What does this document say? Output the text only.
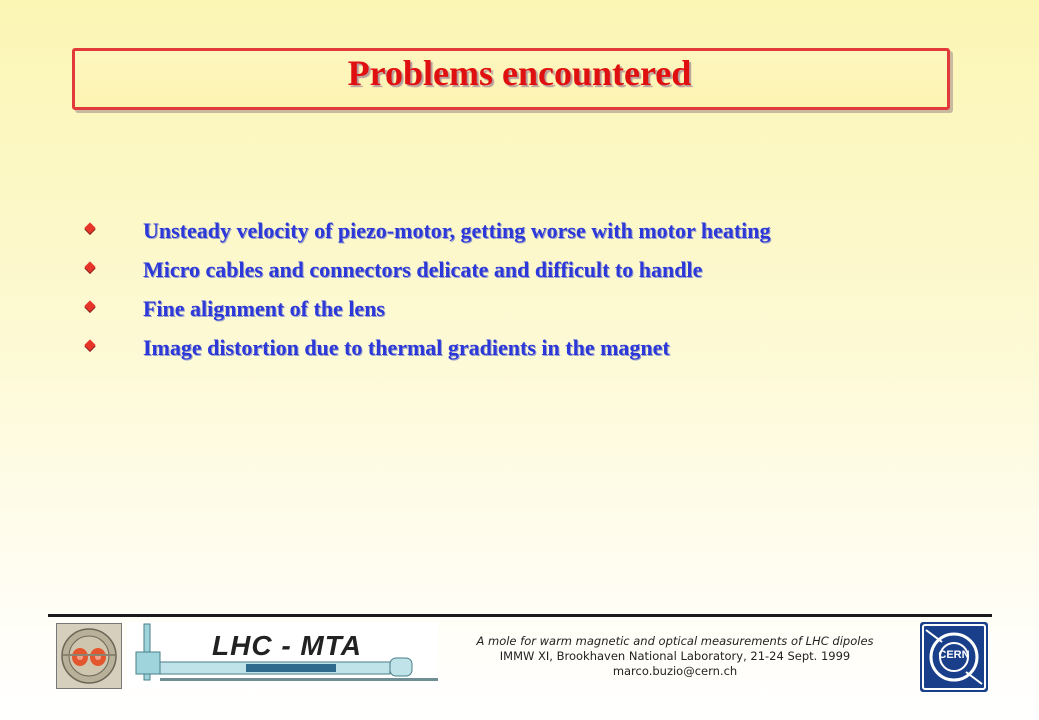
Problems encountered
Unsteady velocity of piezo-motor, getting worse with motor heating
Micro cables and connectors delicate and difficult to handle
Fine alignment of the lens
Image distortion due to thermal gradients in the magnet
LHC - MTA	A mole for warm magnetic and optical measurements of LHC dipoles
IMMW XI, Brookhaven National Laboratory, 21-24 Sept. 1999
marco.buzio@cern.ch
CERN
